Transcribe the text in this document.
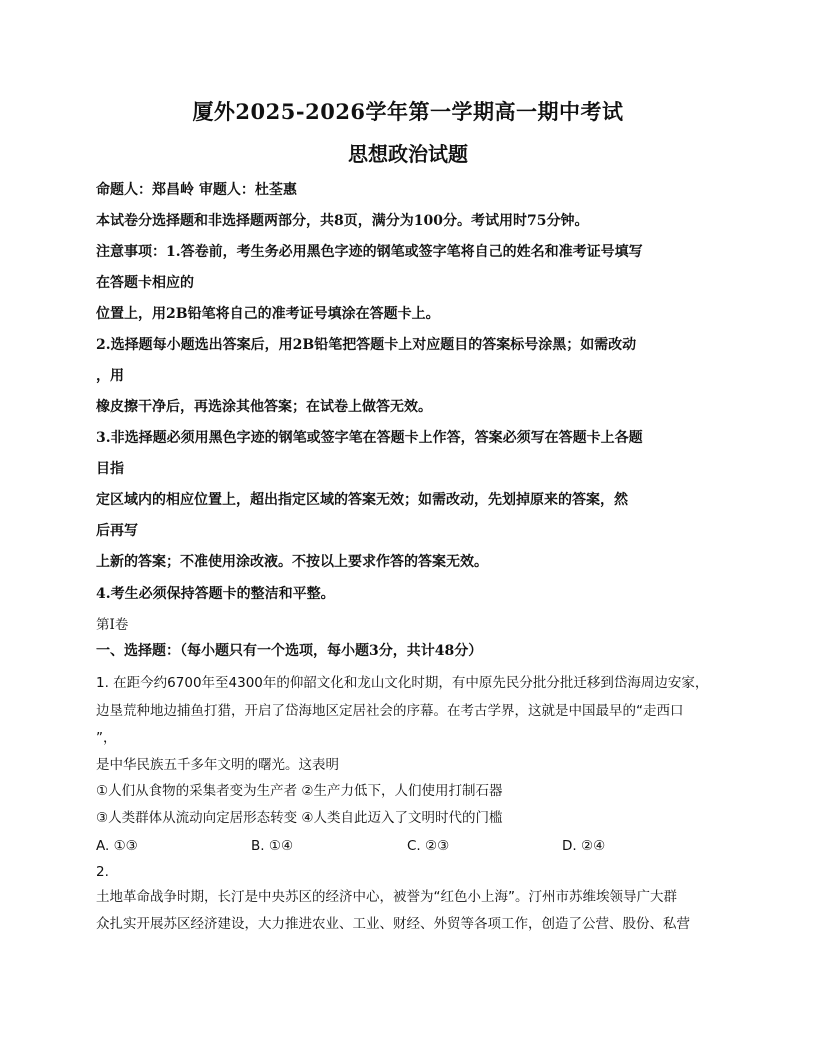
厦外2025-2026学年第一学期高一期中考试
思想政治试题
命题人：郑昌岭 审题人：杜荃惠
本试卷分选择题和非选择题两部分，共8页，满分为100分。考试用时75分钟。
注意事项：1.答卷前，考生务必用黑色字迹的钢笔或签字笔将自己的姓名和准考证号填写
在答题卡相应的
位置上，用2B铅笔将自己的准考证号填涂在答题卡上。
2.选择题每小题选出答案后，用2B铅笔把答题卡上对应题目的答案标号涂黑；如需改动
，用
橡皮擦干净后，再选涂其他答案；在试卷上做答无效。
3.非选择题必须用黑色字迹的钢笔或签字笔在答题卡上作答，答案必须写在答题卡上各题
目指
定区域内的相应位置上，超出指定区域的答案无效；如需改动，先划掉原来的答案，然
后再写
上新的答案；不准使用涂改液。不按以上要求作答的答案无效。
4.考生必须保持答题卡的整洁和平整。
第Ⅰ卷
一、选择题：（每小题只有一个选项，每小题3分，共计48分）
1. 在距今约6700年至4300年的仰韶文化和龙山文化时期，有中原先民分批分批迁移到岱海周边安家，
边垦荒种地边捕鱼打猎，开启了岱海地区定居社会的序幕。在考古学界，这就是中国最早的“走西口
”，
是中华民族五千多年文明的曙光。这表明
①人们从食物的采集者变为生产者 ②生产力低下，人们使用打制石器
③人类群体从流动向定居形态转变 ④人类自此迈入了文明时代的门槛
A. ①③	B. ①④	C. ②③	D. ②④
2.
土地革命战争时期，长汀是中央苏区的经济中心，被誉为“红色小上海”。汀州市苏维埃领导广大群
众扎实开展苏区经济建设，大力推进农业、工业、财经、外贸等各项工作，创造了公营、股份、私营
